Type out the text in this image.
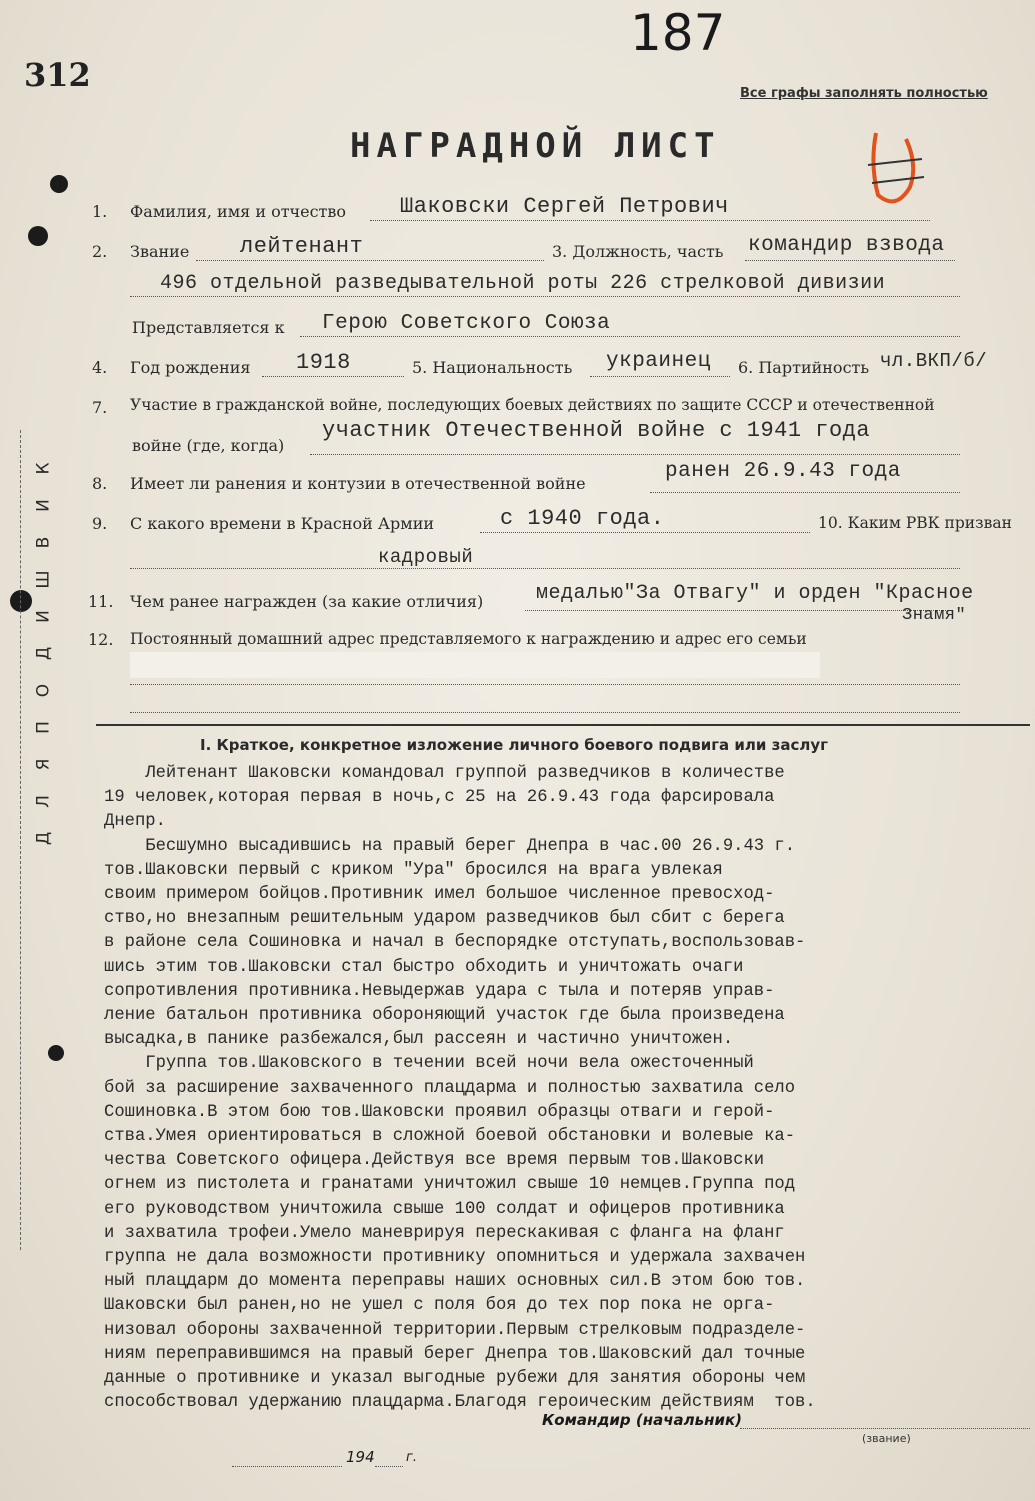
К
И
В
Ш
И
Д
О
П
Я
Л
Д
312
187
Все графы заполнять полностью
НАГРАДНОЙ ЛИСТ
1. Фамилия, имя и отчество Шаковски Сергей Петрович
2. Звание лейтенант	3. Должность, часть командир взвода
496 отдельной разведывательной роты 226 стрелковой дивизии
Представляется к Герою Советского Союза
4. Год рождения 1918	5. Национальность украинец 6. Партийность чл.ВКП/б/
7. Участие в гражданской войне, последующих боевых действиях по защите СССР и отечественной
войне (где, когда)
участник Отечественной войне с 1941 года
8. Имеет ли ранения и контузии в отечественной войне
ранен 26.9.43 года
9. С какого времени в Красной Армии	с 1940 года.	10. Каким РВК призван
кадровый
11. Чем ранее награжден (за какие отличия)	медалью"За Отвагу" и орден "Красное
Знамя"
12. Постоянный домашний адрес представляемого к награждению и адрес его семьи
I. Краткое, конкретное изложение личного боевого подвига или заслуг
Лейтенант Шаковски командовал группой разведчиков в количестве
19 человек,которая первая в ночь,с 25 на 26.9.43 года фарсировала
Днепр.
Бесшумно высадившись на правый берег Днепра в час.00 26.9.43 г.
тов.Шаковски первый с криком "Ура" бросился на врага увлекая
своим примером бойцов.Противник имел большое численное превосход-
ство,но внезапным решительным ударом разведчиков был сбит с берега
в районе села Сошиновка и начал в беспорядке отступать,воспользовав-
шись этим тов.Шаковски стал быстро обходить и уничтожать очаги
сопротивления противника.Невыдержав удара с тыла и потеряв управ-
ление батальон противника обороняющий участок где была произведена
высадка,в панике разбежался,был рассеян и частично уничтожен.
Группа тов.Шаковского в течении всей ночи вела ожесточенный
бой за расширение захваченного плацдарма и полностью захватила село
Сошиновка.В этом бою тов.Шаковски проявил образцы отваги и герой-
ства.Умея ориентироваться в сложной боевой обстановки и волевые ка-
чества Советского офицера.Действуя все время первым тов.Шаковски
огнем из пистолета и гранатами уничтожил свыше 10 немцев.Группа под
его руководством уничтожила свыше 100 солдат и офицеров противника
и захватила трофеи.Умело маневрируя перескакивая с фланга на фланг
группа не дала возможности противнику опомниться и удержала захвачен
ный плацдарм до момента переправы наших основных сил.В этом бою тов.
Шаковски был ранен,но не ушел с поля боя до тех пор пока не орга-
низовал обороны захваченной территории.Первым стрелковым подразделе-
ниям переправившимся на правый берег Днепра тов.Шаковский дал точные
данные о противнике и указал выгодные рубежи для занятия обороны чем
способствовал удержанию плацдарма.Благодя героическим действиям  тов.
Командир (начальник)
(звание)
194 г.
